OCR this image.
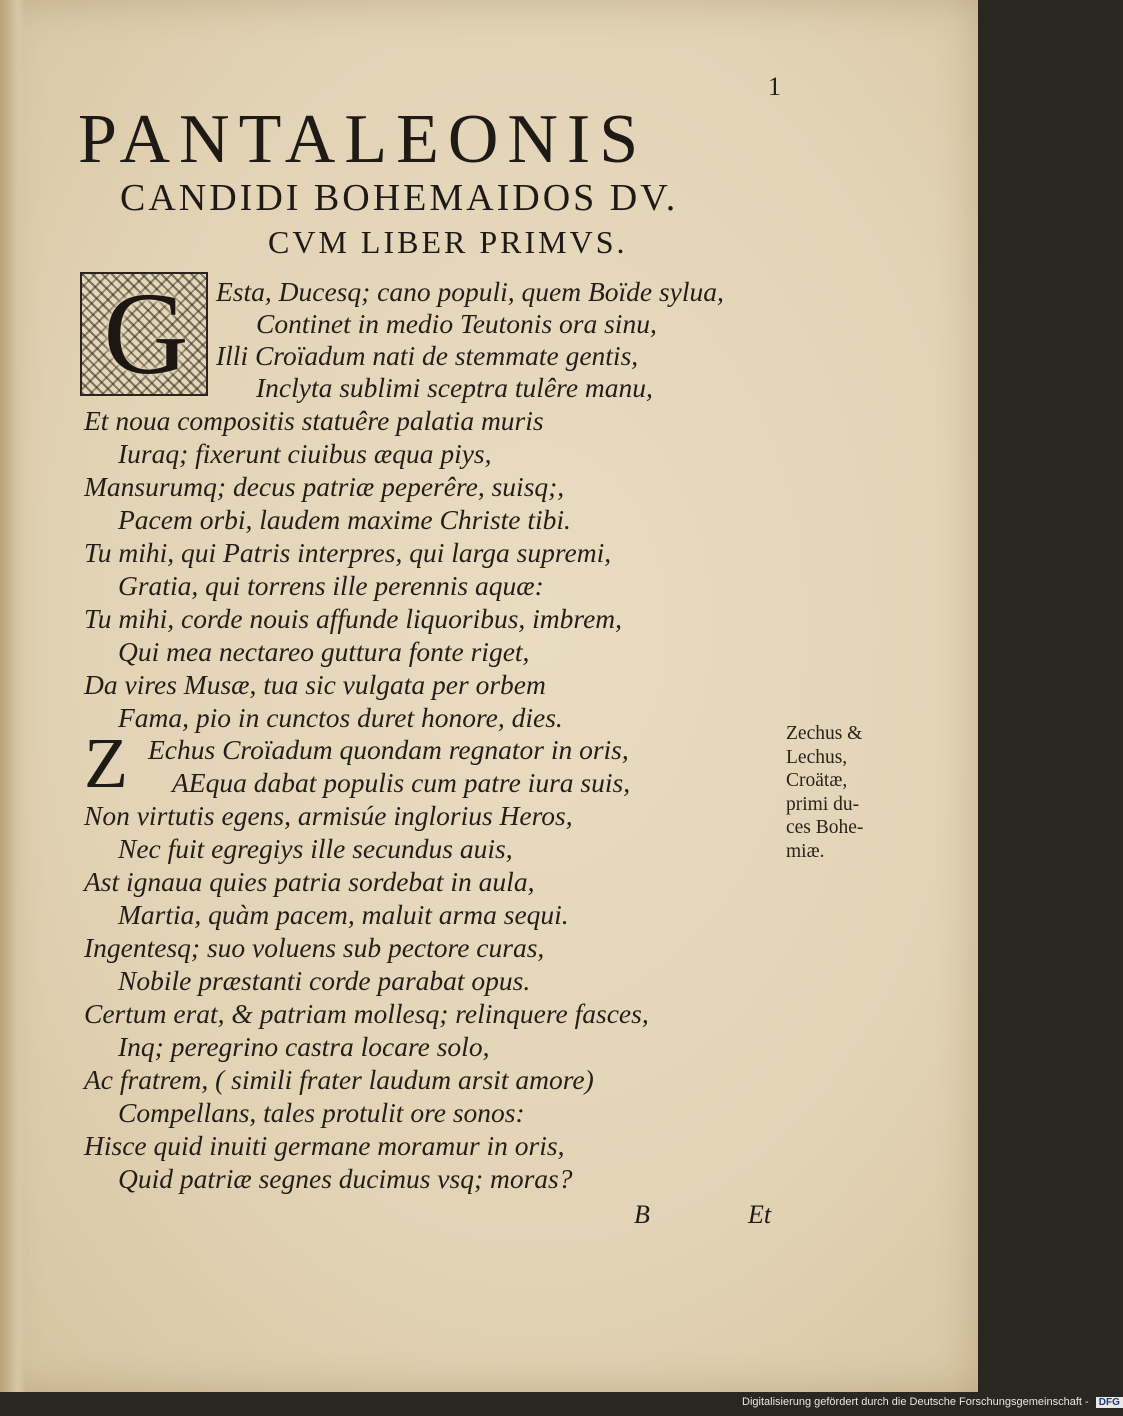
1
PANTALEONIS
CANDIDI BOHEMAIDOS DV.
CVM LIBER PRIMVS.
G Esta, Ducesq; cano populi, quem Boïde sylua,
Continet in medio Teutonis ora sinu,
Illi Croïadum nati de stemmate gentis,
Inclyta sublimi sceptra tulêre manu,
Et noua compositis statuêre palatia muris
Iuraq; fixerunt ciuibus æqua piys,
Mansurumq; decus patriæ peperêre, suisq;,
Pacem orbi, laudem maxime Christe tibi.
Tu mihi, qui Patris interpres, qui larga supremi,
Gratia, qui torrens ille perennis aquæ:
Tu mihi, corde nouis affunde liquoribus, imbrem,
Qui mea nectareo guttura fonte riget,
Da vires Musæ, tua sic vulgata per orbem
Fama, pio in cunctos duret honore, dies.
Z Echus Croïadum quondam regnator in oris,
AEqua dabat populis cum patre iura suis,
Non virtutis egens, armisúe inglorius Heros,
Nec fuit egregiys ille secundus auis,
Ast ignaua quies patria sordebat in aula,
Martia, quàm pacem, maluit arma sequi.
Ingentesq; suo voluens sub pectore curas,
Nobile præstanti corde parabat opus.
Certum erat, & patriam mollesq; relinquere fasces,
Inq; peregrino castra locare solo,
Ac fratrem, ( simili frater laudum arsit amore)
Compellans, tales protulit ore sonos:
Hisce quid inuiti germane moramur in oris,
Quid patriæ segnes ducimus vsq; moras?
Zechus &
Lechus,
Croätæ,
primi du-
ces Bohe-
miæ.
B	Et
Digitalisierung gefördert durch die Deutsche Forschungsgemeinschaft - DFG
